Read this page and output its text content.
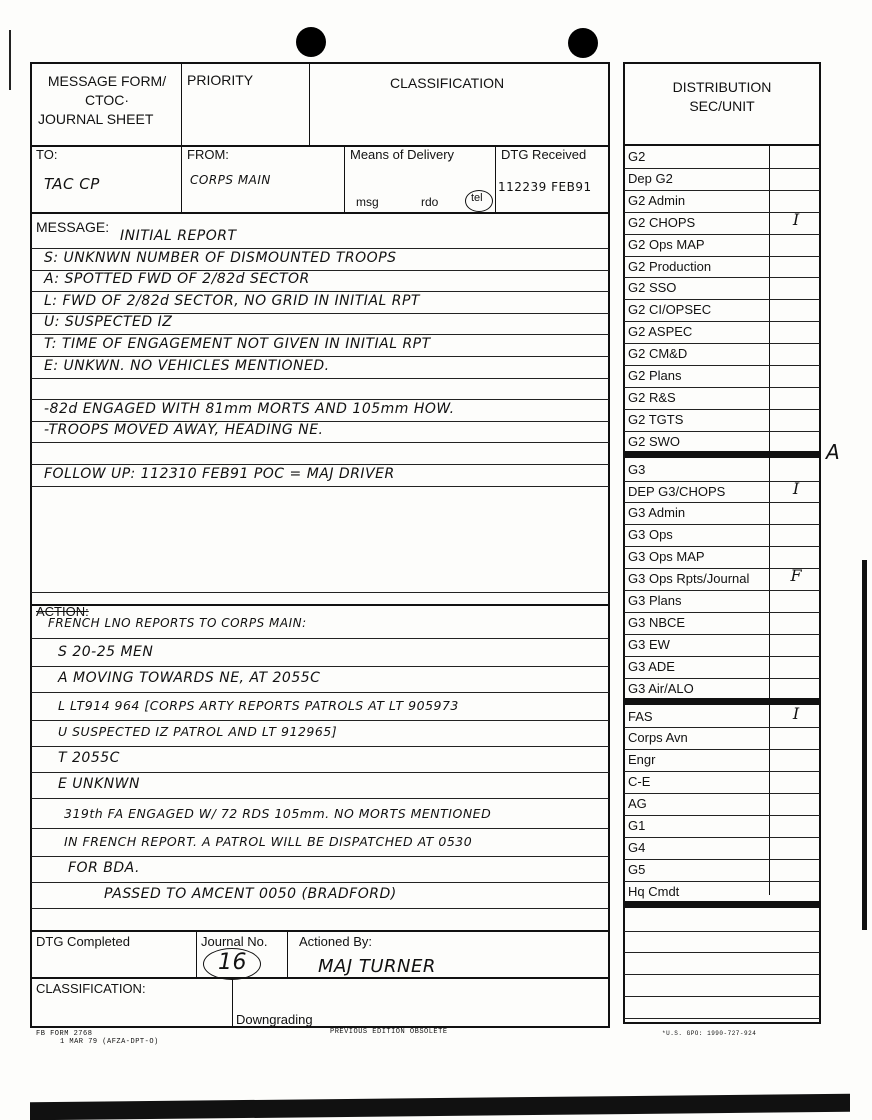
MESSAGE FORM/
CTOC·
JOURNAL SHEET
PRIORITY	CLASSIFICATION
TO:
TAC CP
FROM:
CORPS MAIN
Means of Delivery
msg	rdo	tel
DTG Received
112239 FEB91
MESSAGE:
INITIAL REPORT
S: UNKNWN NUMBER OF DISMOUNTED TROOPS
A: SPOTTED FWD OF 2/82d SECTOR
L: FWD OF 2/82d SECTOR, NO GRID IN INITIAL RPT
U: SUSPECTED IZ
T: TIME OF ENGAGEMENT NOT GIVEN IN INITIAL RPT
E: UNKWN. NO VEHICLES MENTIONED.
-82d ENGAGED WITH 81mm MORTS AND 105mm HOW.
-TROOPS MOVED AWAY, HEADING NE.
FOLLOW UP: 112310 FEB91 POC = MAJ DRIVER
ACTION:
FRENCH LNO REPORTS TO CORPS MAIN:
S 20-25 MEN
A MOVING TOWARDS NE, AT 2055C
L LT914 964 [CORPS ARTY REPORTS PATROLS AT LT 905973
U SUSPECTED IZ PATROL AND LT 912965]
T 2055C
E UNKNWN
319th FA ENGAGED W/ 72 RDS 105mm. NO MORTS MENTIONED
IN FRENCH REPORT. A PATROL WILL BE DISPATCHED AT 0530
FOR BDA.
PASSED TO AMCENT 0050 (BRADFORD)
DTG Completed	Journal No.
16
Actioned By:
MAJ TURNER
CLASSIFICATION:
Downgrading
FB FORM 2768
1 MAR 79 (AFZA-DPT-O)
PREVIOUS EDITION OBSOLETE	*U.S. GPO: 1990-727-924
DISTRIBUTION
SEC/UNIT
G2
Dep G2
G2 Admin
G2 CHOPS	I
G2 Ops MAP
G2 Production
G2 SSO
G2 CI/OPSEC
G2 ASPEC
G2 CM&D
G2 Plans
G2 R&S
G2 TGTS
G2 SWO
G3
DEP G3/CHOPS	I
G3 Admin
G3 Ops
G3 Ops MAP
G3 Ops Rpts/Journal	F
G3 Plans
G3 NBCE
G3 EW
G3 ADE
G3 Air/ALO
FAS	I
Corps Avn
Engr
C-E
AG
G1
G4
G5
Hq Cmdt
A
